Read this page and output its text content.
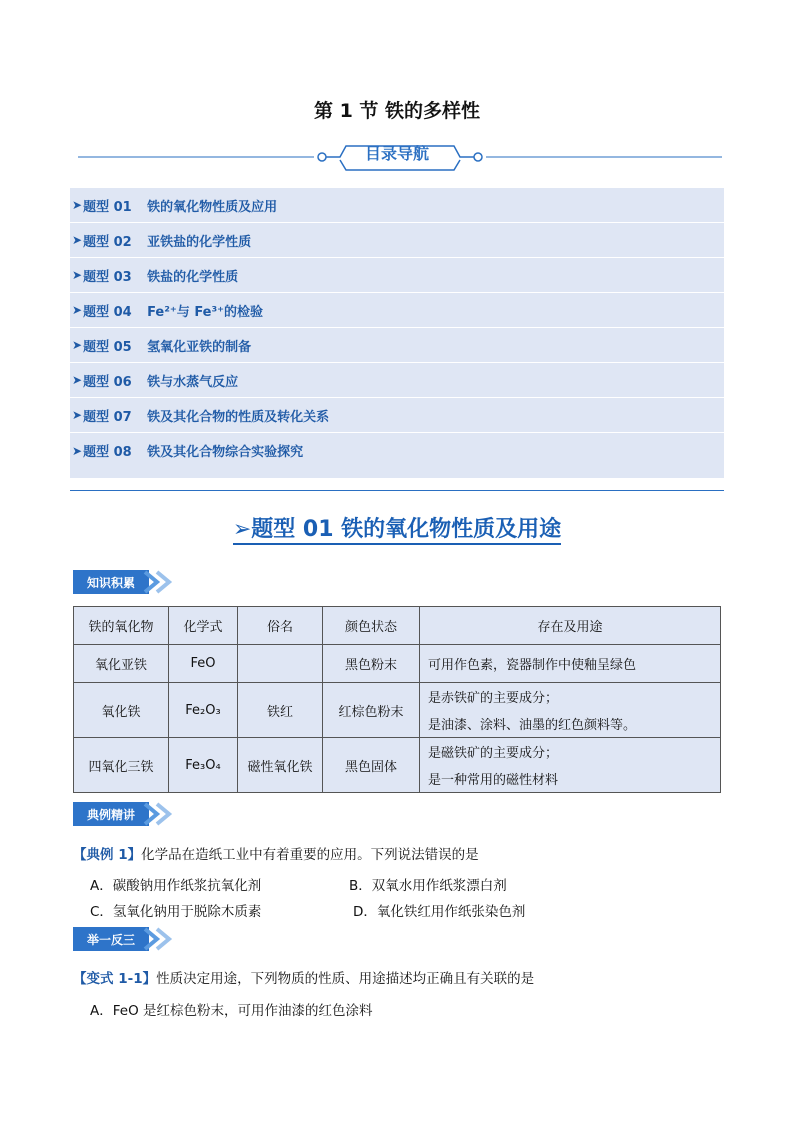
第 1 节 铁的多样性
目录导航
➤ 题型 01	铁的氧化物性质及应用
➤ 题型 02	亚铁盐的化学性质
➤ 题型 03	铁盐的化学性质
➤ 题型 04	Fe²⁺与 Fe³⁺的检验
➤ 题型 05	氢氧化亚铁的制备
➤ 题型 06	铁与水蒸气反应
➤ 题型 07	铁及其化合物的性质及转化关系
➤ 题型 08	铁及其化合物综合实验探究
➢题型 01 铁的氧化物性质及用途
知识积累
铁的氧化物	化学式	俗名	颜色状态	存在及用途
氧化亚铁	FeO		黑色粉末	可用作色素，瓷器制作中使釉呈绿色
氧化铁	Fe₂O₃	铁红	红棕色粉末	是赤铁矿的主要成分；
是油漆、涂料、油墨的红色颜料等。

四氧化三铁	Fe₃O₄	磁性氧化铁	黑色固体	是磁铁矿的主要成分；
是一种常用的磁性材料
典例精讲
【典例 1】化学品在造纸工业中有着重要的应用。下列说法错误的是
A．碳酸钠用作纸浆抗氧化剂	B．双氧水用作纸浆漂白剂
C．氢氧化钠用于脱除木质素	D．氧化铁红用作纸张染色剂
举一反三
【变式 1-1】性质决定用途，下列物质的性质、用途描述均正确且有关联的是
A．FeO 是红棕色粉末，可用作油漆的红色涂料
